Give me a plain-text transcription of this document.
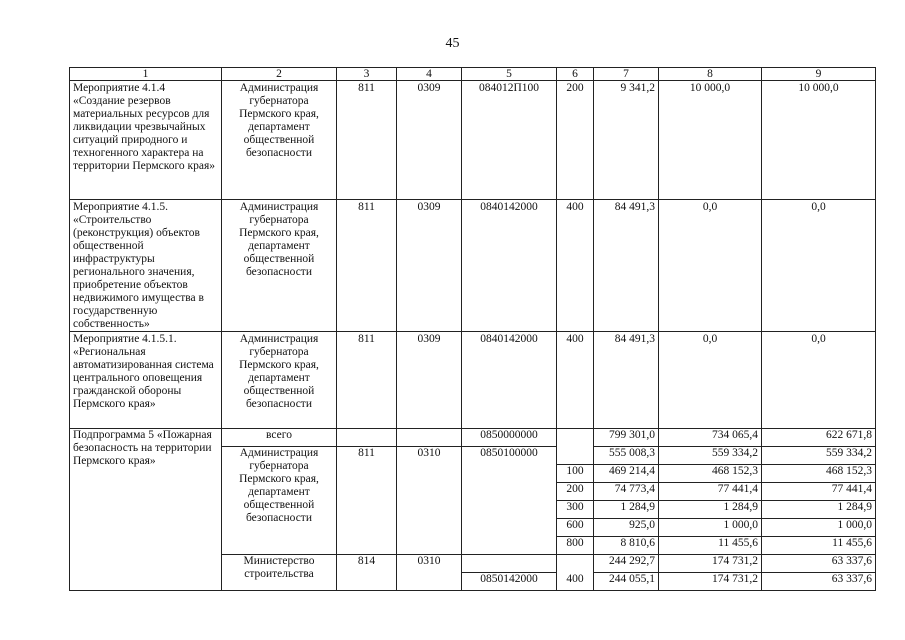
45
1	2	3	4	5	6	7	8	9
Мероприятие 4.1.4 «Создание резервов материальных ресурсов для ликвидации чрезвычайных ситуаций природного и техногенного характера на территории Пермского края»	Администрация губернатора Пермского края, департамент общественной безопасности	811	0309	084012П100	200	9 341,2	10 000,0	10 000,0
Мероприятие 4.1.5. «Строительство (реконструкция) объектов общественной инфраструктуры регионального значения, приобретение объектов недвижимого имущества в государственную собственность»	Администрация губернатора Пермского края, департамент общественной безопасности	811	0309	0840142000	400	84 491,3	0,0	0,0
Мероприятие 4.1.5.1. «Региональная автоматизированная система центрального оповещения гражданской обороны Пермского края»	Администрация губернатора Пермского края, департамент общественной безопасности	811	0309	0840142000	400	84 491,3	0,0	0,0
Подпрограмма 5 «Пожарная безопасность на территории Пермского края»	всего			0850000000		799 301,0	734 065,4	622 671,8
	Администрация губернатора Пермского края, департамент общественной безопасности	811	0310	0850100000		555 008,3	559 334,2	559 334,2
					100	469 214,4	468 152,3	468 152,3
					200	74 773,4	77 441,4	77 441,4
					300	1 284,9	1 284,9	1 284,9
					600	925,0	1 000,0	1 000,0
					800	8 810,6	11 455,6	11 455,6
	Министерство строительства	814	0310			244 292,7	174 731,2	63 337,6
				0850142000	400	244 055,1	174 731,2	63 337,6
